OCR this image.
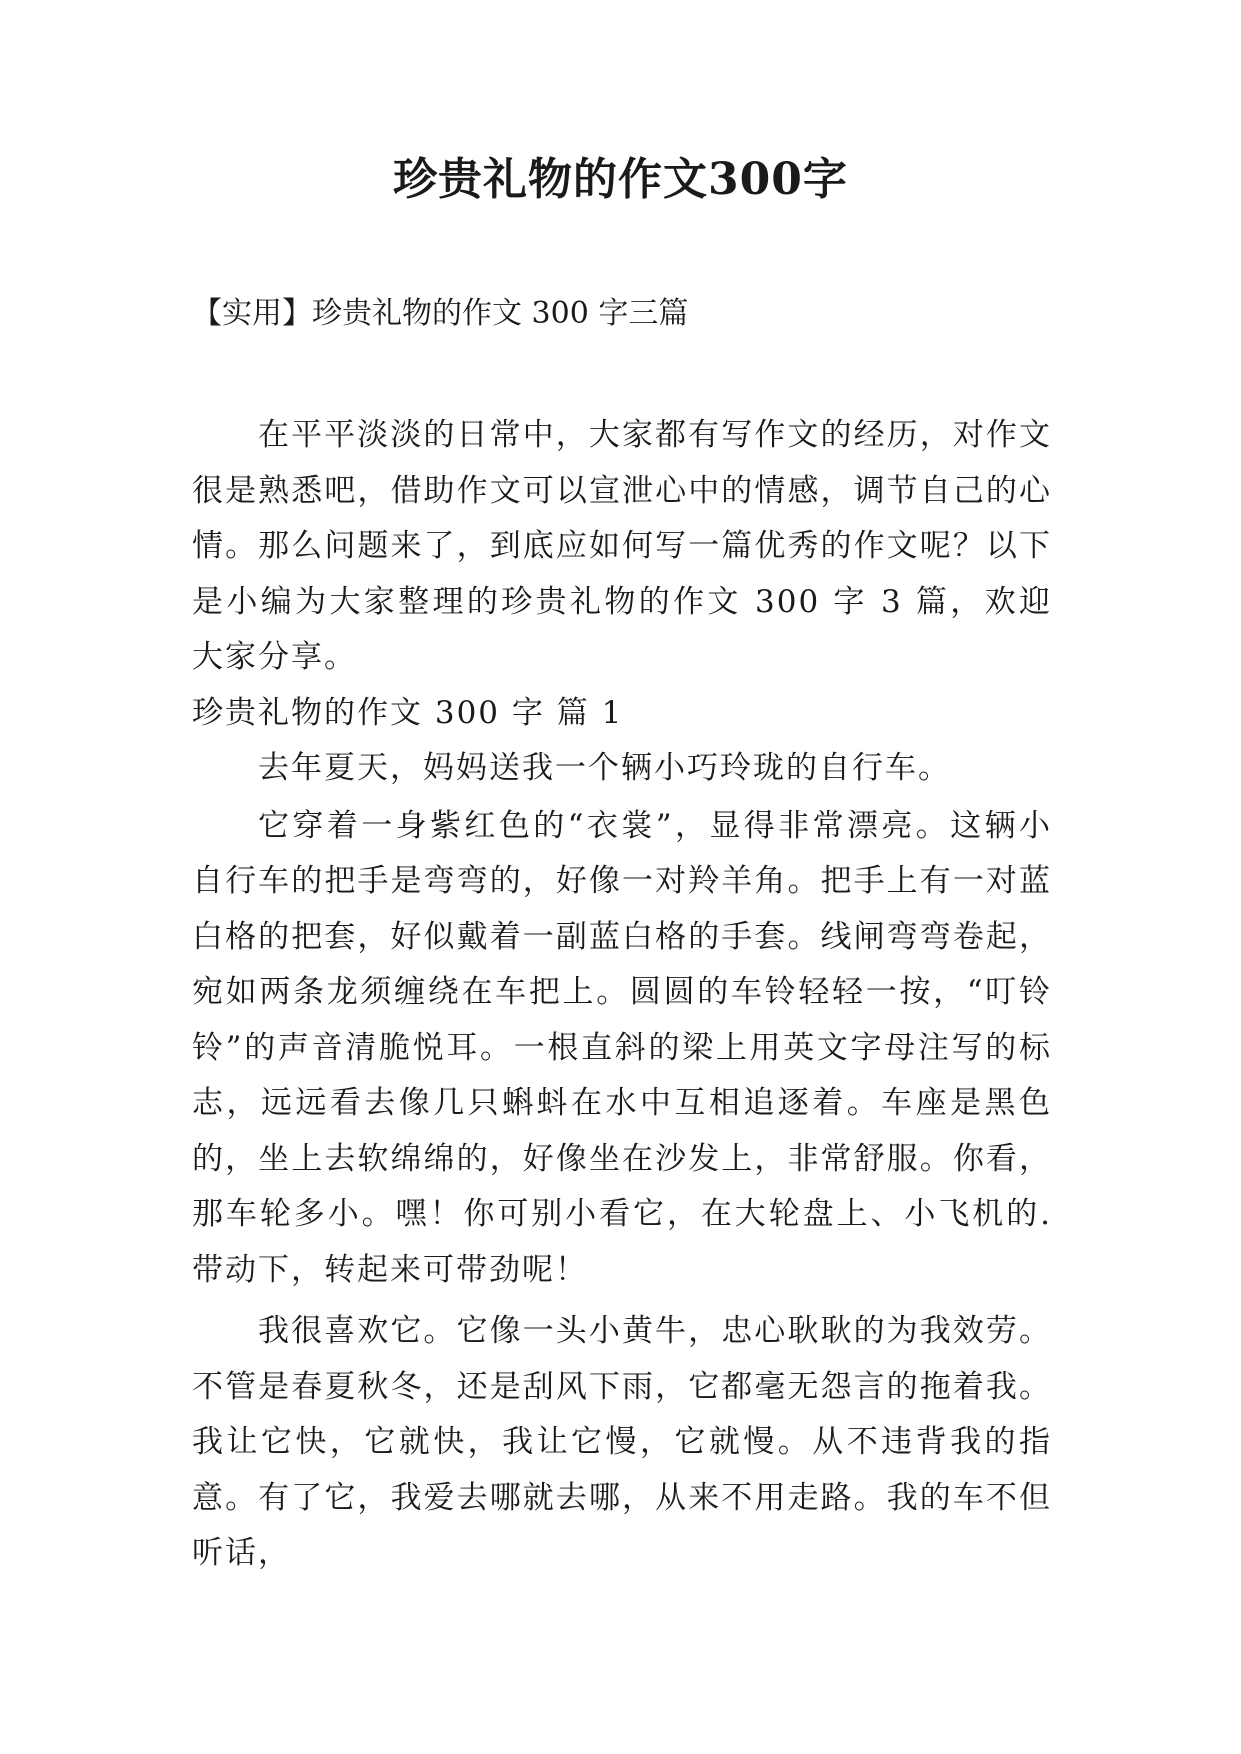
珍贵礼物的作文300字
【实用】珍贵礼物的作文 300 字三篇

在平平淡淡的日常中，大家都有写作文的经历，对作文很是熟悉吧，借助作文可以宣泄心中的情感，调节自己的心情。那么问题来了，到底应如何写一篇优秀的作文呢？以下是小编为大家整理的珍贵礼物的作文 300 字 3 篇，欢迎大家分享。

珍贵礼物的作文 300 字 篇 1

去年夏天，妈妈送我一个辆小巧玲珑的自行车。

它穿着一身紫红色的“衣裳”，显得非常漂亮。这辆小自行车的把手是弯弯的，好像一对羚羊角。把手上有一对蓝白格的把套，好似戴着一副蓝白格的手套。线闸弯弯卷起，宛如两条龙须缠绕在车把上。圆圆的车铃轻轻一按，“叮铃铃”的声音清脆悦耳。一根直斜的梁上用英文字母注写的标志，远远看去像几只蝌蚪在水中互相追逐着。车座是黑色的，坐上去软绵绵的，好像坐在沙发上，非常舒服。你看，那车轮多小。嘿！你可别小看它，在大轮盘上、小飞机的.带动下，转起来可带劲呢！

我很喜欢它。它像一头小黄牛，忠心耿耿的为我效劳。不管是春夏秋冬，还是刮风下雨，它都毫无怨言的拖着我。我让它快，它就快，我让它慢，它就慢。从不违背我的指意。有了它，我爱去哪就去哪，从来不用走路。我的车不但听话，
